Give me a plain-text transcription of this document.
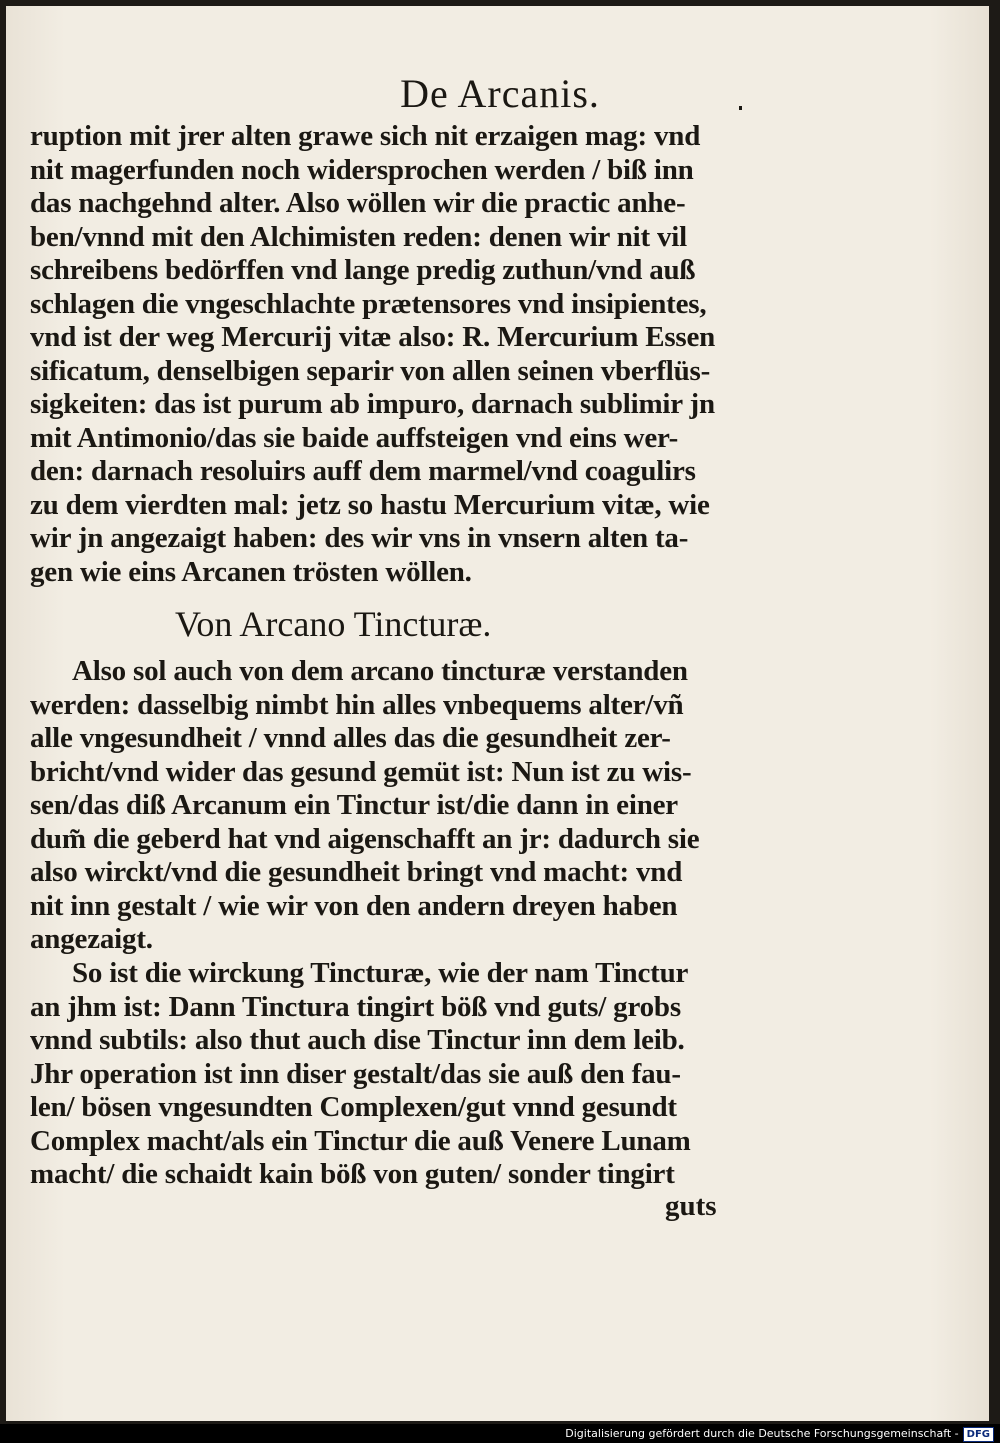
De Arcanis.
ruption mit jrer alten grawe sich nit erzaigen mag: vnd
nit magerfunden noch widersprochen werden / biß inn
das nachgehnd alter. Also wöllen wir die practic anhe-
ben/vnnd mit den Alchimisten reden: denen wir nit vil
schreibens bedörffen vnd lange predig zuthun/vnd auß
schlagen die vngeschlachte prætensores vnd insipientes,
vnd ist der weg Mercurij vitæ also: R. Mercurium Essen
sificatum, denselbigen separir von allen seinen vberflüs-
sigkeiten: das ist purum ab impuro, darnach sublimir jn
mit Antimonio/das sie baide auffsteigen vnd eins wer-
den: darnach resoluirs auff dem marmel/vnd coagulirs
zu dem vierdten mal: jetz so hastu Mercurium vitæ, wie
wir jn angezaigt haben: des wir vns in vnsern alten ta-
gen wie eins Arcanen trösten wöllen.
Von Arcano Tincturæ.
Also sol auch von dem arcano tincturæ verstanden
werden: dasselbig nimbt hin alles vnbequems alter/vñ
alle vngesundheit / vnnd alles das die gesundheit zer-
bricht/vnd wider das gesund gemüt ist: Nun ist zu wis-
sen/das diß Arcanum ein Tinctur ist/die dann in einer
dum̃ die geberd hat vnd aigenschafft an jr: dadurch sie
also wirckt/vnd die gesundheit bringt vnd macht: vnd
nit inn gestalt / wie wir von den andern dreyen haben
angezaigt.
So ist die wirckung Tincturæ, wie der nam Tinctur
an jhm ist: Dann Tinctura tingirt böß vnd guts/ grobs
vnnd subtils: also thut auch dise Tinctur inn dem leib.
Jhr operation ist inn diser gestalt/das sie auß den fau-
len/ bösen vngesundten Complexen/gut vnnd gesundt
Complex macht/als ein Tinctur die auß Venere Lunam
macht/ die schaidt kain böß von guten/ sonder tingirt
guts
Digitalisierung gefördert durch die Deutsche Forschungsgemeinschaft - DFG
